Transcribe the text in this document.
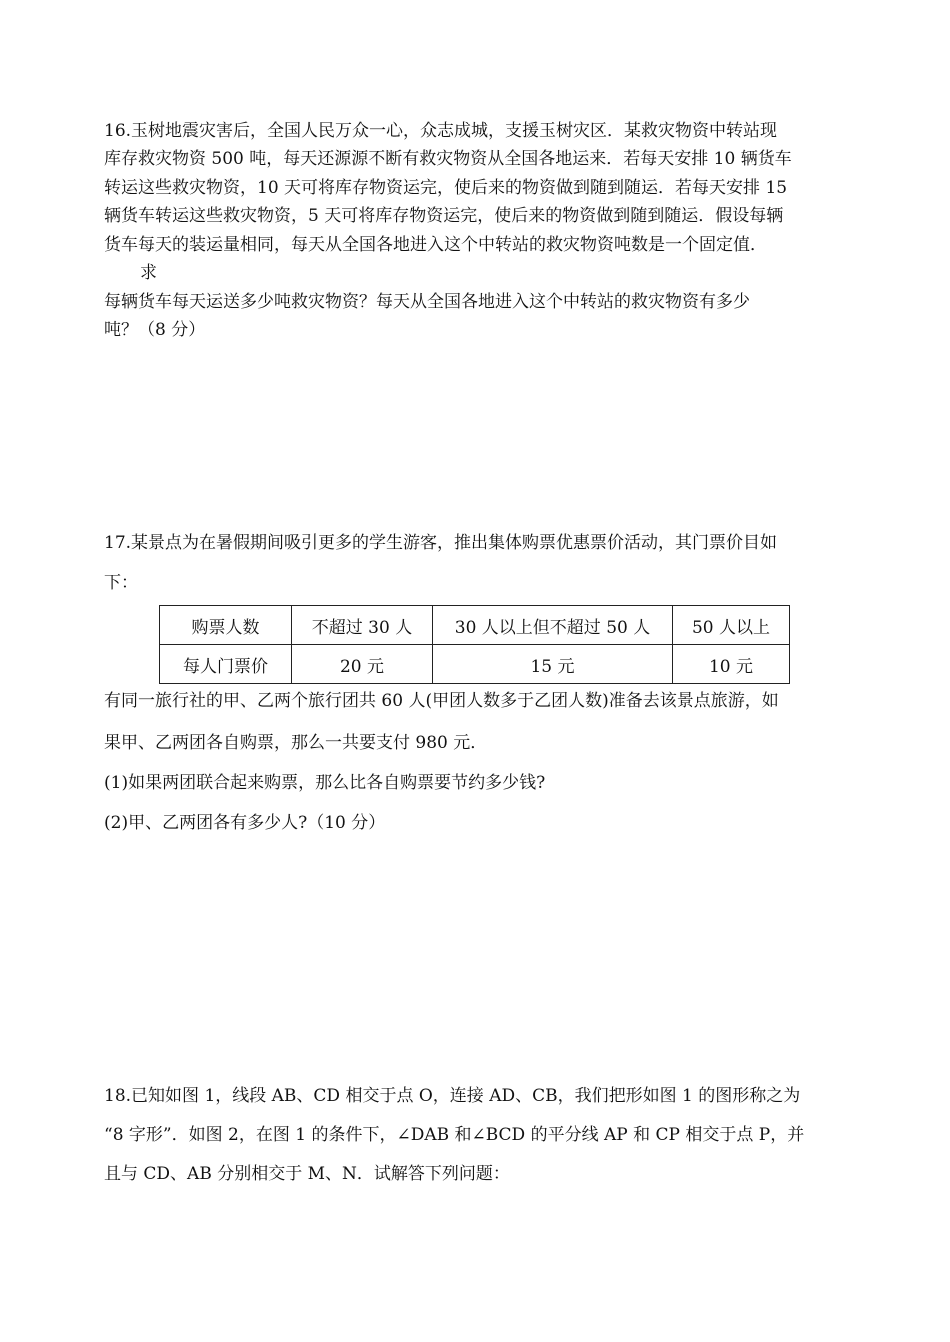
16.玉树地震灾害后，全国人民万众一心，众志成城，支援玉树灾区．某救灾物资中转站现
库存救灾物资 500 吨，每天还源源不断有救灾物资从全国各地运来．若每天安排 10 辆货车
转运这些救灾物资，10 天可将库存物资运完，使后来的物资做到随到随运．若每天安排 15
辆货车转运这些救灾物资，5 天可将库存物资运完，使后来的物资做到随到随运．假设每辆
货车每天的装运量相同，每天从全国各地进入这个中转站的救灾物资吨数是一个固定值．
求
每辆货车每天运送多少吨救灾物资？每天从全国各地进入这个中转站的救灾物资有多少
吨？（8 分）
17.某景点为在暑假期间吸引更多的学生游客，推出集体购票优惠票价活动，其门票价目如
下：
购票人数	不超过 30 人	30 人以上但不超过 50 人	50 人以上
每人门票价	20 元	15 元	10 元
有同一旅行社的甲、乙两个旅行团共 60 人(甲团人数多于乙团人数)准备去该景点旅游，如
果甲、乙两团各自购票，那么一共要支付 980 元．
(1)如果两团联合起来购票，那么比各自购票要节约多少钱?
(2)甲、乙两团各有多少人?（10 分）
18.已知如图 1，线段 AB、CD 相交于点 O，连接 AD、CB，我们把形如图 1 的图形称之为
“8 字形”．如图 2，在图 1 的条件下，∠DAB 和∠BCD 的平分线 AP 和 CP 相交于点 P，并
且与 CD、AB 分别相交于 M、N．试解答下列问题：
